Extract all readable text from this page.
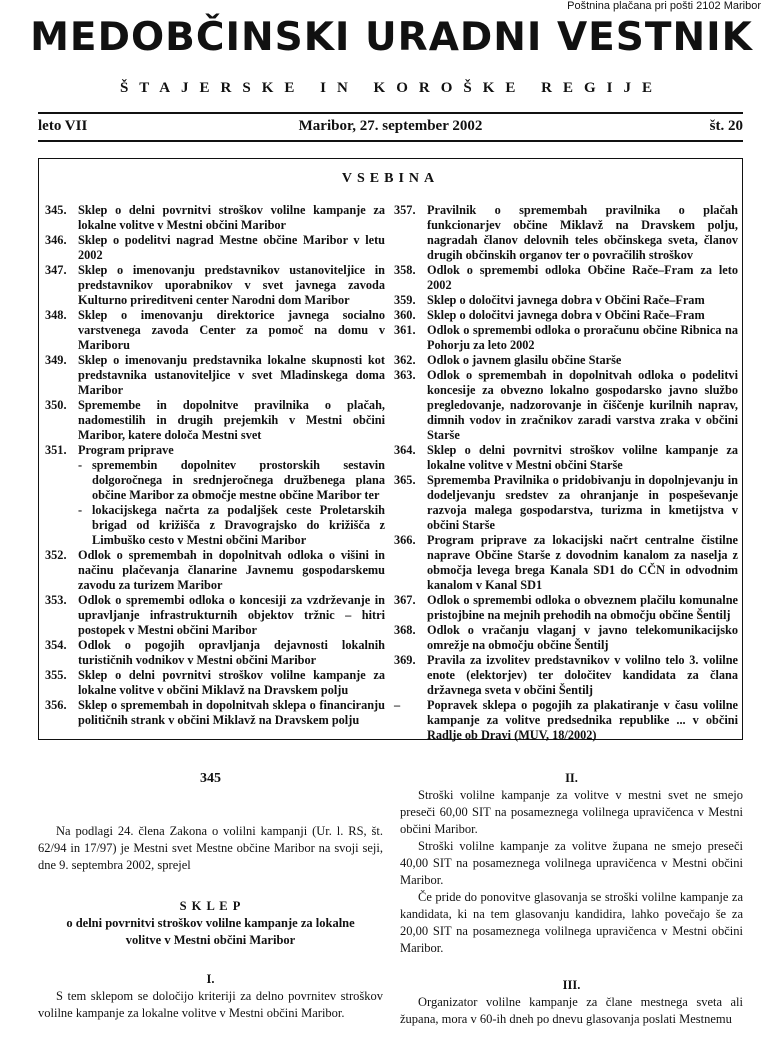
Poštnina plačana pri pošti 2102 Maribor
MEDOBČINSKI URADNI VESTNIK
ŠTAJERSKE IN KOROŠKE REGIJE
Maribor, 27. september 2002
leto VII	št. 20
VSEBINA
345. Sklep o delni povrnitvi stroškov volilne kampanje za lokalne volitve v Mestni občini Maribor
346. Sklep o podelitvi nagrad Mestne občine Maribor v letu 2002
347. Sklep o imenovanju predstavnikov ustanoviteljice in predstavnikov uporabnikov v svet javnega zavoda Kulturno prireditveni center Narodni dom Maribor
348. Sklep o imenovanju direktorice javnega socialno varstvenega zavoda Center za pomoč na domu v Mariboru
349. Sklep o imenovanju predstavnika lokalne skupnosti kot predstavnika ustanoviteljice v svet Mladinskega doma Maribor
350. Spremembe in dopolnitve pravilnika o plačah, nadomestilih in drugih prejemkih v Mestni občini Maribor, katere določa Mestni svet
351. Program priprave
- spremembin dopolnitev prostorskih sestavin dolgoročnega in srednjeročnega družbenega plana občine Maribor za območje mestne občine Maribor ter
- lokacijskega načrta za podaljšek ceste Proletarskih brigad od križišča z Dravograjsko do križišča z Limbuško cesto v Mestni občini Maribor
352. Odlok o spremembah in dopolnitvah odloka o višini in načinu plačevanja članarine Javnemu gospodarskemu zavodu za turizem Maribor
353. Odlok o spremembi odloka o koncesiji za vzdrževanje in upravljanje infrastrukturnih objektov tržnic – hitri postopek v Mestni občini Maribor
354. Odlok o pogojih opravljanja dejavnosti lokalnih turističnih vodnikov v Mestni občini Maribor
355. Sklep o delni povrnitvi stroškov volilne kampanje za lokalne volitve v občini Miklavž na Dravskem polju
356. Sklep o spremembah in dopolnitvah sklepa o financiranju političnih strank v občini Miklavž na Dravskem polju
357. Pravilnik o spremembah pravilnika o plačah funkcionarjev občine Miklavž na Dravskem polju, nagradah članov delovnih teles občinskega sveta, članov drugih občinskih organov ter o povračilih stroškov
358. Odlok o spremembi odloka Občine Rače–Fram za leto 2002
359. Sklep o določitvi javnega dobra v Občini Rače–Fram
360. Sklep o določitvi javnega dobra v Občini Rače–Fram
361. Odlok o spremembi odloka o proračunu občine Ribnica na Pohorju za leto 2002
362. Odlok o javnem glasilu občine Starše
363. Odlok o spremembah in dopolnitvah odloka o podelitvi koncesije za obvezno lokalno gospodarsko javno službo pregledovanje, nadzorovanje in čiščenje kurilnih naprav, dimnih vodov in zračnikov zaradi varstva zraka v občini Starše
364. Sklep o delni povrnitvi stroškov volilne kampanje za lokalne volitve v Mestni občini Starše
365. Sprememba Pravilnika o pridobivanju in dopolnjevanju in dodeljevanju sredstev za ohranjanje in pospeševanje razvoja malega gospodarstva, turizma in kmetijstva v občini Starše
366. Program priprave za lokacijski načrt centralne čistilne naprave Občine Starše z dovodnim kanalom za naselja z območja levega brega Kanala SD1 do CČN in odvodnim kanalom v Kanal SD1
367. Odlok o spremembi odloka o obveznem plačilu komunalne pristojbine na mejnih prehodih na območju občine Šentilj
368. Odlok o vračanju vlaganj v javno telekomunikacijsko omrežje na območju občine Šentilj
369. Pravila za izvolitev predstavnikov v volilno telo 3. volilne enote (elektorjev) ter določitev kandidata za člana državnega sveta v občini Šentilj
–	Popravek sklepa o pogojih za plakatiranje v času volilne kampanje za volitve predsednika republike ... v občini Radlje ob Dravi (MUV, 18/2002)

345

Na podlagi 24. člena Zakona o volilni kampanji (Ur. l. RS, št. 62/94 in 17/97) je Mestni svet Mestne občine Maribor na svoji seji, dne 9. septembra 2002, sprejel

S K L E P

o delni povrnitvi stroškov volilne kampanje za lokalne volitve v Mestni občini Maribor

I.

S tem sklepom se določijo kriteriji za delno povrnitev stroškov volilne kampanje za lokalne volitve v Mestni občini Maribor.

II.

Stroški volilne kampanje za volitve v mestni svet ne smejo preseči 60,00 SIT na posameznega volilnega upravičenca v Mestni občini Maribor.

Stroški volilne kampanje za volitve župana ne smejo preseči 40,00 SIT na posameznega volilnega upravičenca v Mestni občini Maribor.

Če pride do ponovitve glasovanja se stroški volilne kampanje za kandidata, ki na tem glasovanju kandidira, lahko povečajo še za 20,00 SIT na posameznega volilnega upravičenca v Mestni občini Maribor.

III.

Organizator volilne kampanje za člane mestnega sveta ali župana, mora v 60-ih dneh po dnevu glasovanja poslati Mestnemu
